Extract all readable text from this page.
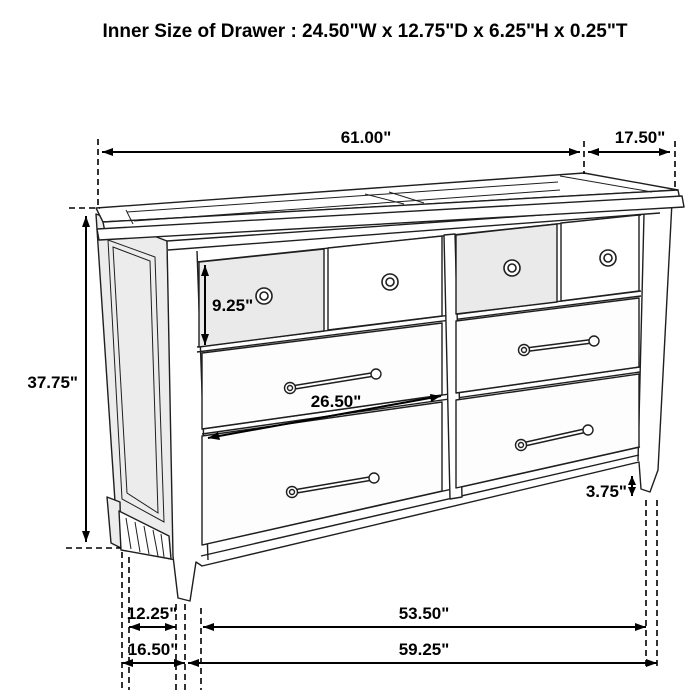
61.00"	17.50"
37.75"
9.25"
26.50"
3.75"
12.25"	53.50"
16.50"	59.25"
Inner Size of Drawer : 24.50"W x 12.75"D x 6.25"H x 0.25"T
